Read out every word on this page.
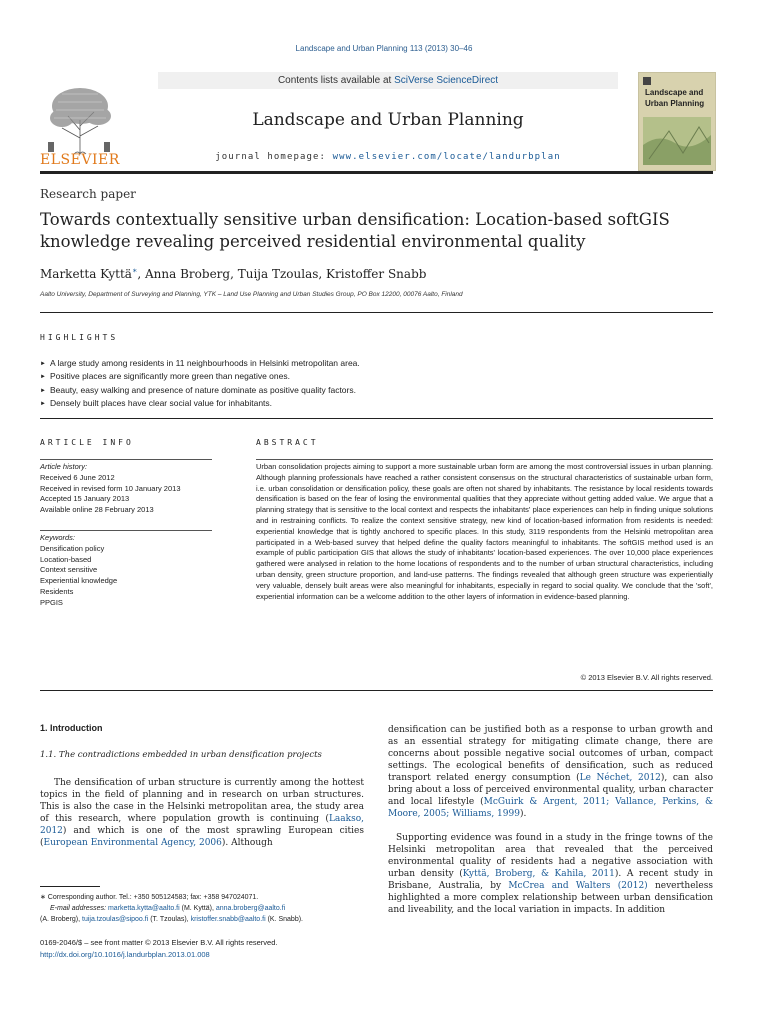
Landscape and Urban Planning 113 (2013) 30–46
ELSEVIER
Contents lists available at SciVerse ScienceDirect
Landscape and Urban Planning
journal homepage: www.elsevier.com/locate/landurbplan
Landscape and
Urban Planning
Research paper
Towards contextually sensitive urban densification: Location-based softGIS
knowledge revealing perceived residential environmental quality
Marketta Kyttä∗, Anna Broberg, Tuija Tzoulas, Kristoffer Snabb
Aalto University, Department of Surveying and Planning, YTK – Land Use Planning and Urban Studies Group, PO Box 12200, 00076 Aalto, Finland
HIGHLIGHTS
► A large study among residents in 11 neighbourhoods in Helsinki metropolitan area.
► Positive places are significantly more green than negative ones.
► Beauty, easy walking and presence of nature dominate as positive quality factors.
► Densely built places have clear social value for inhabitants.
ARTICLE INFO	ABSTRACT
Article history:
Received 6 June 2012
Received in revised form 10 January 2013
Accepted 15 January 2013
Available online 28 February 2013
Keywords:
Densification policy
Location-based
Context sensitive
Experiential knowledge
Residents
PPGIS
Urban consolidation projects aiming to support a more sustainable urban form are among the most controversial issues in urban planning. Although planning professionals have reached a rather consistent consensus on the structural characteristics of sustainable urban form, i.e. urban consolidation or densification policy, these goals are often not shared by inhabitants. The resistance by local residents towards densification is based on the fear of losing the environmental qualities that they appreciate without getting added value. We argue that a planning strategy that is sensitive to the local context and respects the inhabitants' place experiences can help in finding unique solutions and in restraining conflicts. To realize the context sensitive strategy, new kind of location-based information from residents is needed: experiential knowledge that is tightly anchored to specific places. In this study, 3119 respondents from the Helsinki metropolitan area participated in a Web-based survey that helped define the quality factors meaningful to inhabitants. The softGIS method used is an example of public participation GIS that allows the study of inhabitants' location-based experiences. The over 10,000 place experiences gathered were analysed in relation to the home locations of respondents and to the number of urban structural characteristics, including urban density, green structure proportion, and land-use patterns. The findings revealed that although green structure was experientially very valuable, densely built areas were also meaningful for inhabitants, especially in regard to social quality. We conclude that the 'soft', experiential information can be a welcome addition to the other layers of information in evidence-based planning.
© 2013 Elsevier B.V. All rights reserved.
1. Introduction
1.1. The contradictions embedded in urban densification projects
The densification of urban structure is currently among the hottest topics in the field of planning and in research on urban structures. This is also the case in the Helsinki metropolitan area, the study area of this research, where population growth is continuing (Laakso, 2012) and which is one of the most sprawling European cities (European Environmental Agency, 2006). Although
densification can be justified both as a response to urban growth and as an essential strategy for mitigating climate change, there are concerns about possible negative social outcomes of urban, compact settings. The ecological benefits of densification, such as reduced transport related energy consumption (Le Néchet, 2012), can also bring about a loss of perceived environmental quality, urban character and local lifestyle (McGuirk & Argent, 2011; Vallance, Perkins, & Moore, 2005; Williams, 1999).
Supporting evidence was found in a study in the fringe towns of the Helsinki metropolitan area that revealed that the perceived environmental quality of residents had a negative association with urban density (Kyttä, Broberg, & Kahila, 2011). A recent study in Brisbane, Australia, by McCrea and Walters (2012) nevertheless highlighted a more complex relationship between urban densification and liveability, and the local variation in impacts. In addition
∗ Corresponding author. Tel.: +350 505124583; fax: +358 947024071.
E-mail addresses: marketta.kytta@aalto.fi (M. Kyttä), anna.broberg@aalto.fi
(A. Broberg), tuija.tzoulas@sipoo.fi (T. Tzoulas), kristoffer.snabb@aalto.fi (K. Snabb).
0169-2046/$ – see front matter © 2013 Elsevier B.V. All rights reserved.
http://dx.doi.org/10.1016/j.landurbplan.2013.01.008
